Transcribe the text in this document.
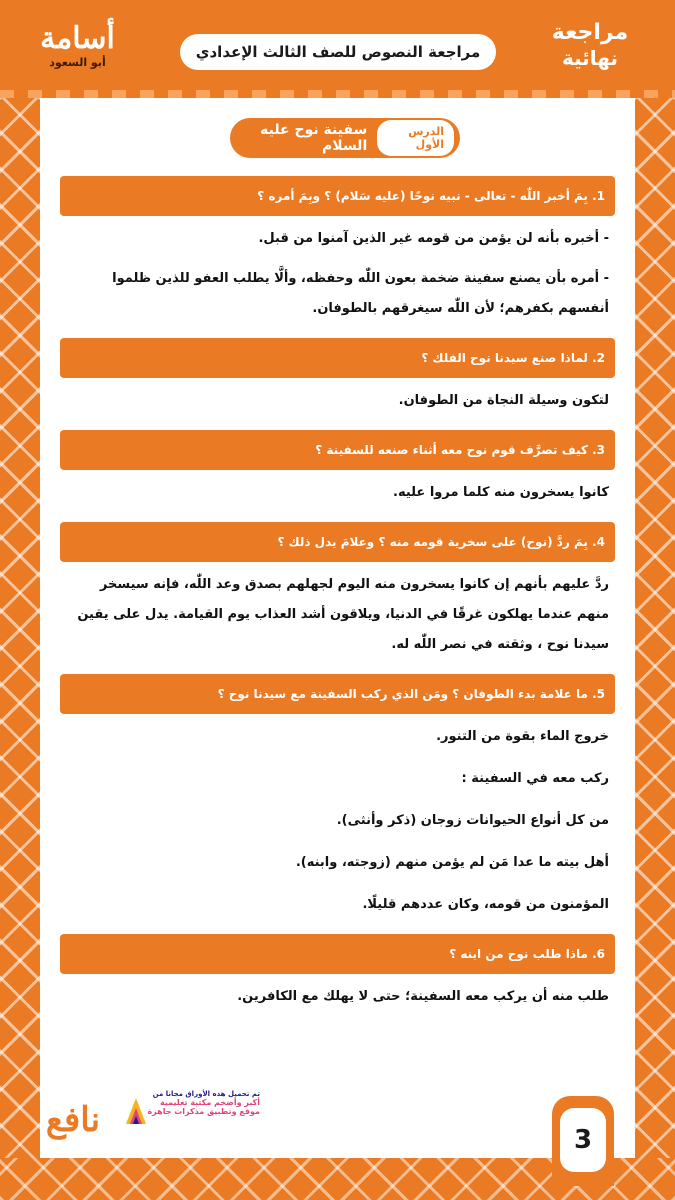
أسامة
أبو السعود
مراجعة النصوص للصف الثالث الإعدادي
مراجعة
نهائية
الدرس الأول
سفينة نوح عليه السلام
1. بِمَ أخبر اللّٰه - تعالى - نبيه نوحًا (عليه سَلام) ؟ وبِمَ أمره ؟
- أخبره بأنه لن يؤمن من قومه غير الذين آمنوا من قبل.
- أمره بأن يصنع سفينة ضخمة بعون اللّٰه وحفظه، وألَّا يطلب العفو للذين ظلموا أنفسهم بكفرهم؛ لأن اللّٰه سيغرقهم بالطوفان.
2. لماذا صنع سيدنا نوح الفلك ؟
لتكون وسيلة النجاة من الطوفان.
3. كيف تصرَّف قوم نوح معه أثناء صنعه للسفينة ؟
كانوا يسخرون منه كلما مروا عليه.
4. بِمَ ردَّ (نوح) على سخرية قومه منه ؟ وعلامَ يدل ذلك ؟
ردَّ عليهم بأنهم إن كانوا يسخرون منه اليوم لجهلهم بصدق وعد اللّٰه، فإنه سيسخر منهم عندما يهلكون غرقًا في الدنيا، ويلاقون أشد العذاب يوم القيامة. يدل على يقين سيدنا نوح ، وثقته في نصر اللّٰه له.
5. ما علامة بدء الطوفان ؟ ومَن الذي ركب السفينة مع سيدنا نوح ؟
خروج الماء بقوة من التنور.
ركب معه في السفينة :
من كل أنواع الحيوانات زوجان (ذكر وأنثى).
أهل بيته ما عدا مَن لم يؤمن منهم (زوجته، وابنه).
المؤمنون من قومه، وكان عددهم قليلًا.
6. ماذا طلب نوح من ابنه ؟
طلب منه أن يركب معه السفينة؛ حتى لا يهلك مع الكافرين.
نافع
تم تحميل هذه الأوراق مجانا من
أكبر وأضخم مكتبة تعليمية
موقع وتطبيق مذكرات جاهزة
3
